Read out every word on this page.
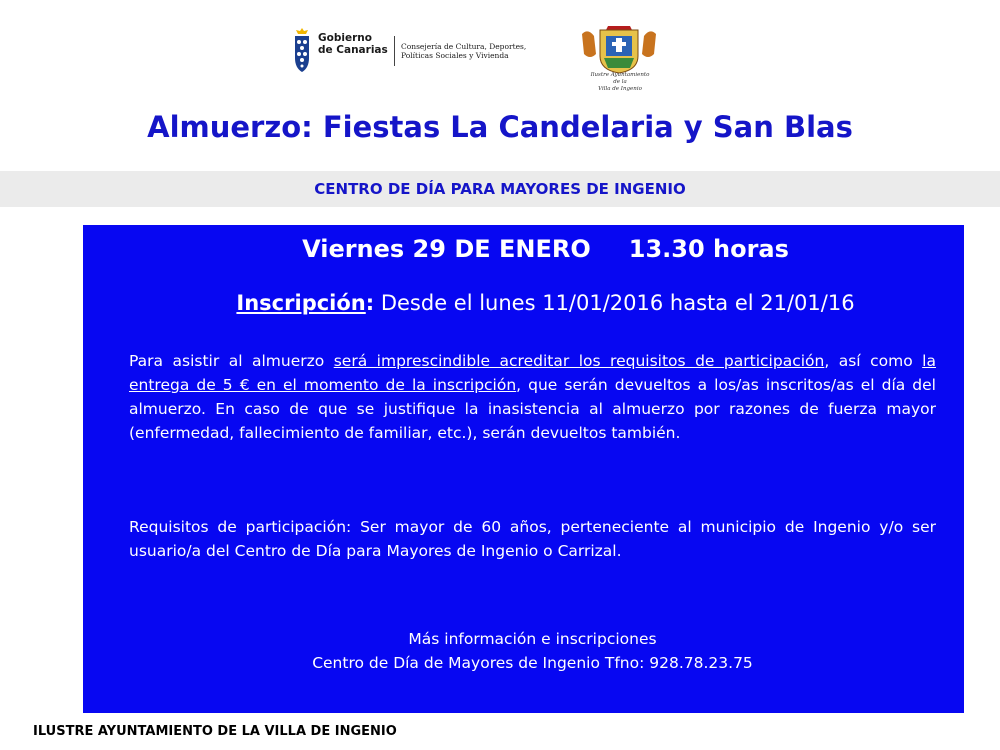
Gobierno
de Canarias Consejería de Cultura, Deportes,
Políticas Sociales y Vivienda
Ilustre Ayuntamiento
de la
Villa de Ingenio
Almuerzo: Fiestas La Candelaria y San Blas
CENTRO DE DÍA PARA MAYORES DE INGENIO
Viernes 29 DE ENERO 13.30 horas
Inscripción: Desde el lunes 11/01/2016 hasta el 21/01/16
Para asistir al almuerzo será imprescindible acreditar los requisitos de participación, así como la entrega de 5 € en el momento de la inscripción, que serán devueltos a los/as inscritos/as el día del almuerzo. En caso de que se justifique la inasistencia al almuerzo por razones de fuerza mayor (enfermedad, fallecimiento de familiar, etc.), serán devueltos también.
Requisitos de participación: Ser mayor de 60 años, perteneciente al municipio de Ingenio y/o ser usuario/a del Centro de Día para Mayores de Ingenio o Carrizal.
Más información e inscripciones
Centro de Día de Mayores de Ingenio Tfno: 928.78.23.75
ILUSTRE AYUNTAMIENTO DE LA VILLA DE INGENIO
